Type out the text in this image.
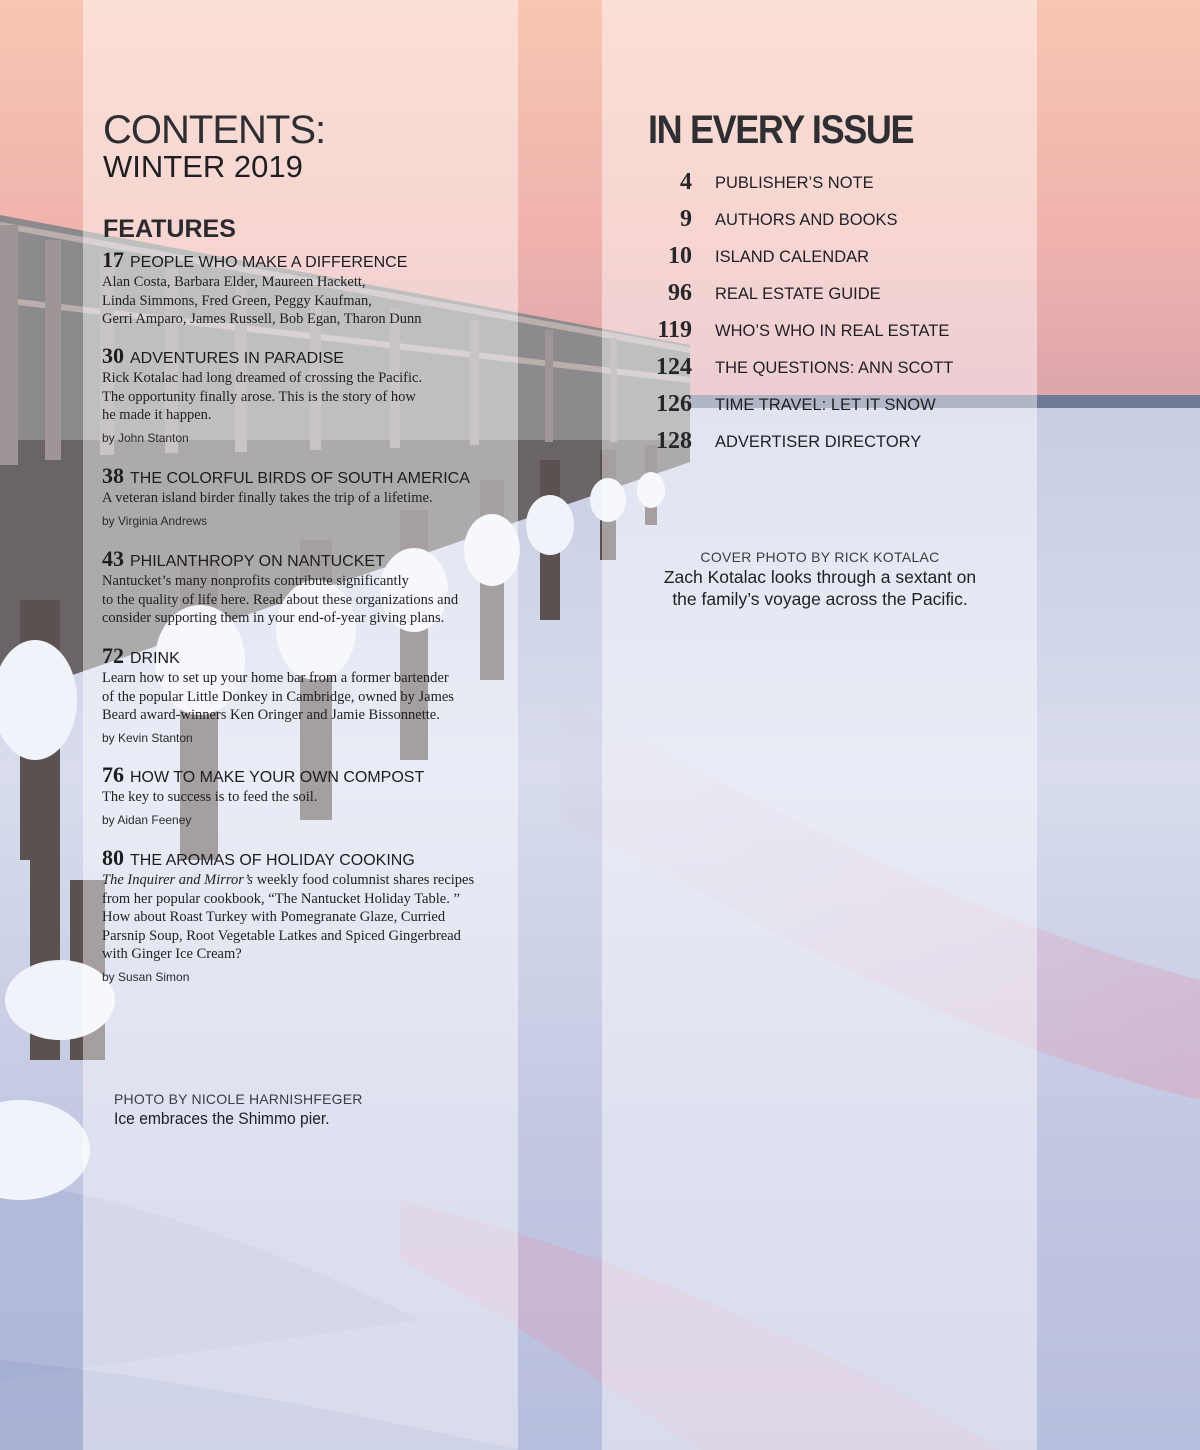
CONTENTS:
WINTER 2019
FEATURES
17 PEOPLE WHO MAKE A DIFFERENCE
Alan Costa, Barbara Elder, Maureen Hackett,
Linda Simmons, Fred Green, Peggy Kaufman,
Gerri Amparo, James Russell, Bob Egan, Tharon Dunn
30 ADVENTURES IN PARADISE
Rick Kotalac had long dreamed of crossing the Pacific.
The opportunity finally arose. This is the story of how
he made it happen.
by John Stanton
38 THE COLORFUL BIRDS OF SOUTH AMERICA
A veteran island birder finally takes the trip of a lifetime.
by Virginia Andrews
43 PHILANTHROPY ON NANTUCKET
Nantucket’s many nonprofits contribute significantly
to the quality of life here. Read about these organizations and
consider supporting them in your end-of-year giving plans.
72 DRINK
Learn how to set up your home bar from a former bartender
of the popular Little Donkey in Cambridge, owned by James
Beard award-winners Ken Oringer and Jamie Bissonnette.
by Kevin Stanton
76 HOW TO MAKE YOUR OWN COMPOST
The key to success is to feed the soil.
by Aidan Feeney
80 THE AROMAS OF HOLIDAY COOKING
The Inquirer and Mirror’s weekly food columnist shares recipes
from her popular cookbook, “The Nantucket Holiday Table. ”
How about Roast Turkey with Pomegranate Glaze, Curried
Parsnip Soup, Root Vegetable Latkes and Spiced Gingerbread
with Ginger Ice Cream?
by Susan Simon
PHOTO BY NICOLE HARNISHFEGER
Ice embraces the Shimmo pier.
IN EVERY ISSUE
4 PUBLISHER’S NOTE
9 AUTHORS AND BOOKS
10 ISLAND CALENDAR
96 REAL ESTATE GUIDE
119 WHO’S WHO IN REAL ESTATE
124 THE QUESTIONS: ANN SCOTT
126 TIME TRAVEL: LET IT SNOW
128 ADVERTISER DIRECTORY
COVER PHOTO BY RICK KOTALAC
Zach Kotalac looks through a sextant on
the family’s voyage across the Pacific.
